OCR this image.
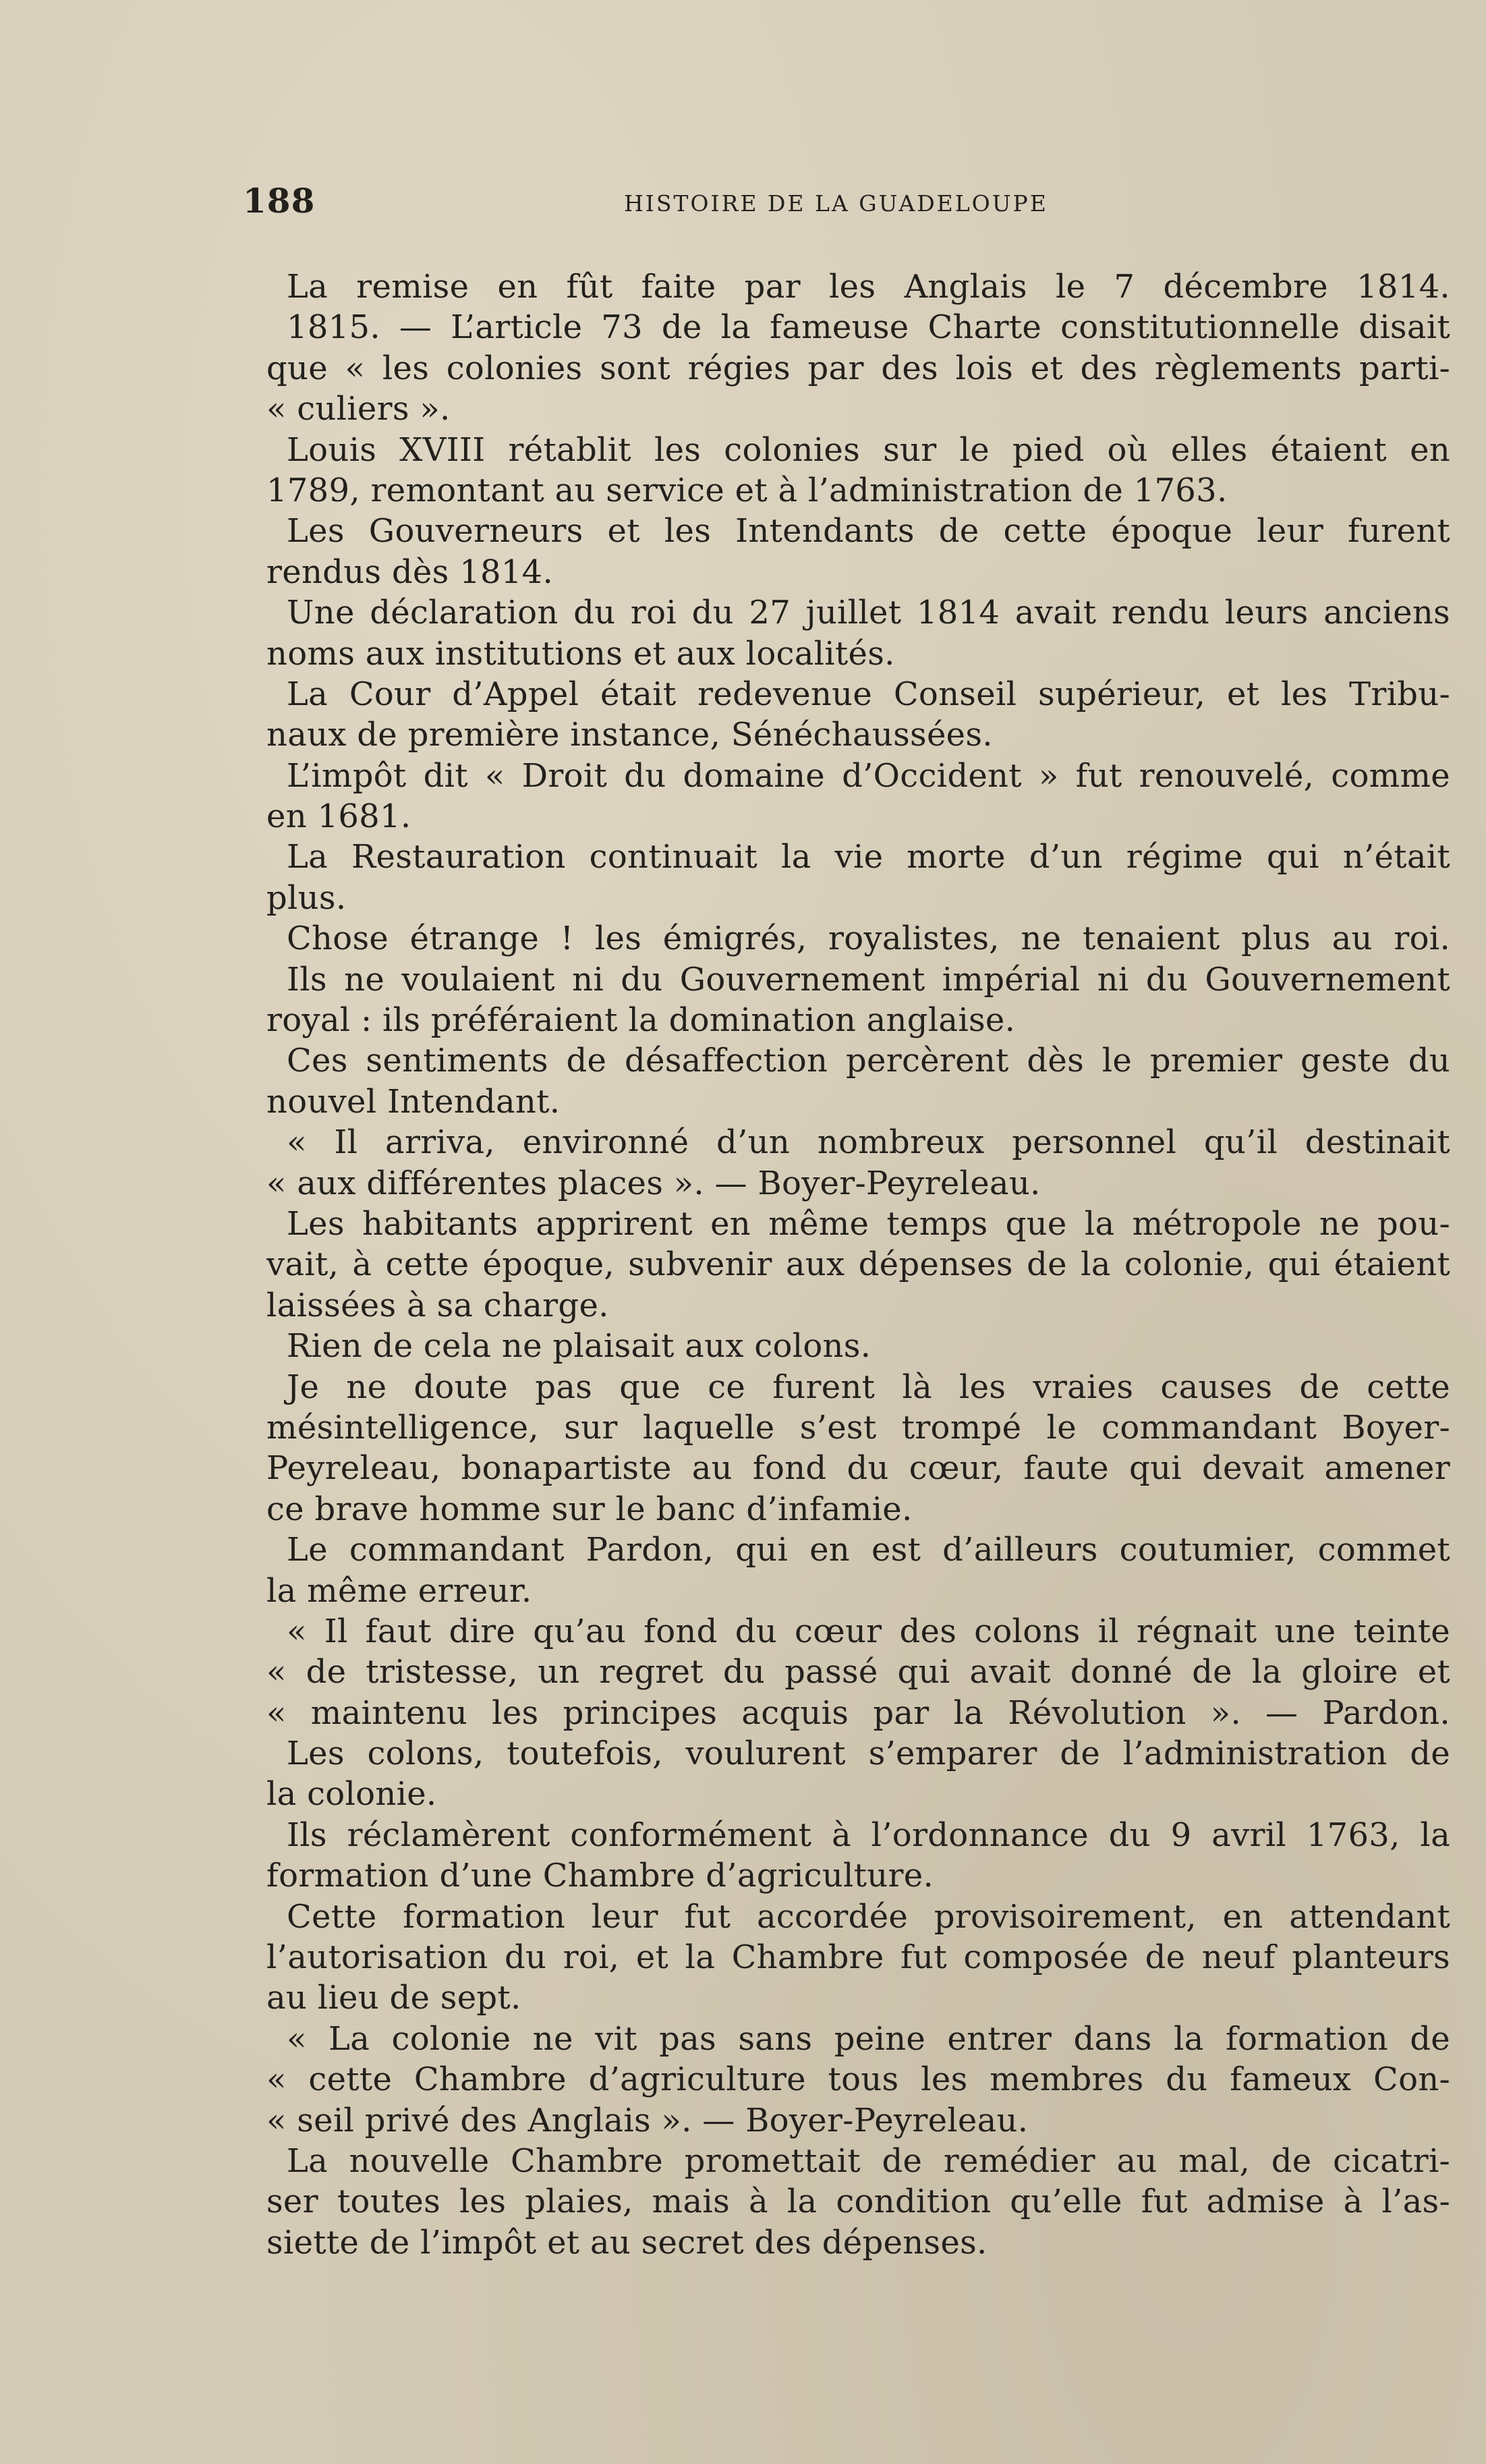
188	HISTOIRE DE LA GUADELOUPE
La remise en fût faite par les Anglais le 7 décembre 1814.
1815. — L’article 73 de la fameuse Charte constitutionnelle disait
que « les colonies sont régies par des lois et des règlements parti-
« culiers ».
Louis XVIII rétablit les colonies sur le pied où elles étaient en
1789, remontant au service et à l’administration de 1763.
Les Gouverneurs et les Intendants de cette époque leur furent
rendus dès 1814.
Une déclaration du roi du 27 juillet 1814 avait rendu leurs anciens
noms aux institutions et aux localités.
La Cour d’Appel était redevenue Conseil supérieur, et les Tribu-
naux de première instance, Sénéchaussées.
L’impôt dit « Droit du domaine d’Occident » fut renouvelé, comme
en 1681.
La Restauration continuait la vie morte d’un régime qui n’était
plus.
Chose étrange ! les émigrés, royalistes, ne tenaient plus au roi.
Ils ne voulaient ni du Gouvernement impérial ni du Gouvernement
royal : ils préféraient la domination anglaise.
Ces sentiments de désaffection percèrent dès le premier geste du
nouvel Intendant.
« Il arriva, environné d’un nombreux personnel qu’il destinait
« aux différentes places ». — Boyer-Peyreleau.
Les habitants apprirent en même temps que la métropole ne pou-
vait, à cette époque, subvenir aux dépenses de la colonie, qui étaient
laissées à sa charge.
Rien de cela ne plaisait aux colons.
Je ne doute pas que ce furent là les vraies causes de cette
mésintelligence, sur laquelle s’est trompé le commandant Boyer-
Peyreleau, bonapartiste au fond du cœur, faute qui devait amener
ce brave homme sur le banc d’infamie.
Le commandant Pardon, qui en est d’ailleurs coutumier, commet
la même erreur.
« Il faut dire qu’au fond du cœur des colons il régnait une teinte
« de tristesse, un regret du passé qui avait donné de la gloire et
« maintenu les principes acquis par la Révolution ». — Pardon.
Les colons, toutefois, voulurent s’emparer de l’administration de
la colonie.
Ils réclamèrent conformément à l’ordonnance du 9 avril 1763, la
formation d’une Chambre d’agriculture.
Cette formation leur fut accordée provisoirement, en attendant
l’autorisation du roi, et la Chambre fut composée de neuf planteurs
au lieu de sept.
« La colonie ne vit pas sans peine entrer dans la formation de
« cette Chambre d’agriculture tous les membres du fameux Con-
« seil privé des Anglais ». — Boyer-Peyreleau.
La nouvelle Chambre promettait de remédier au mal, de cicatri-
ser toutes les plaies, mais à la condition qu’elle fut admise à l’as-
siette de l’impôt et au secret des dépenses.
